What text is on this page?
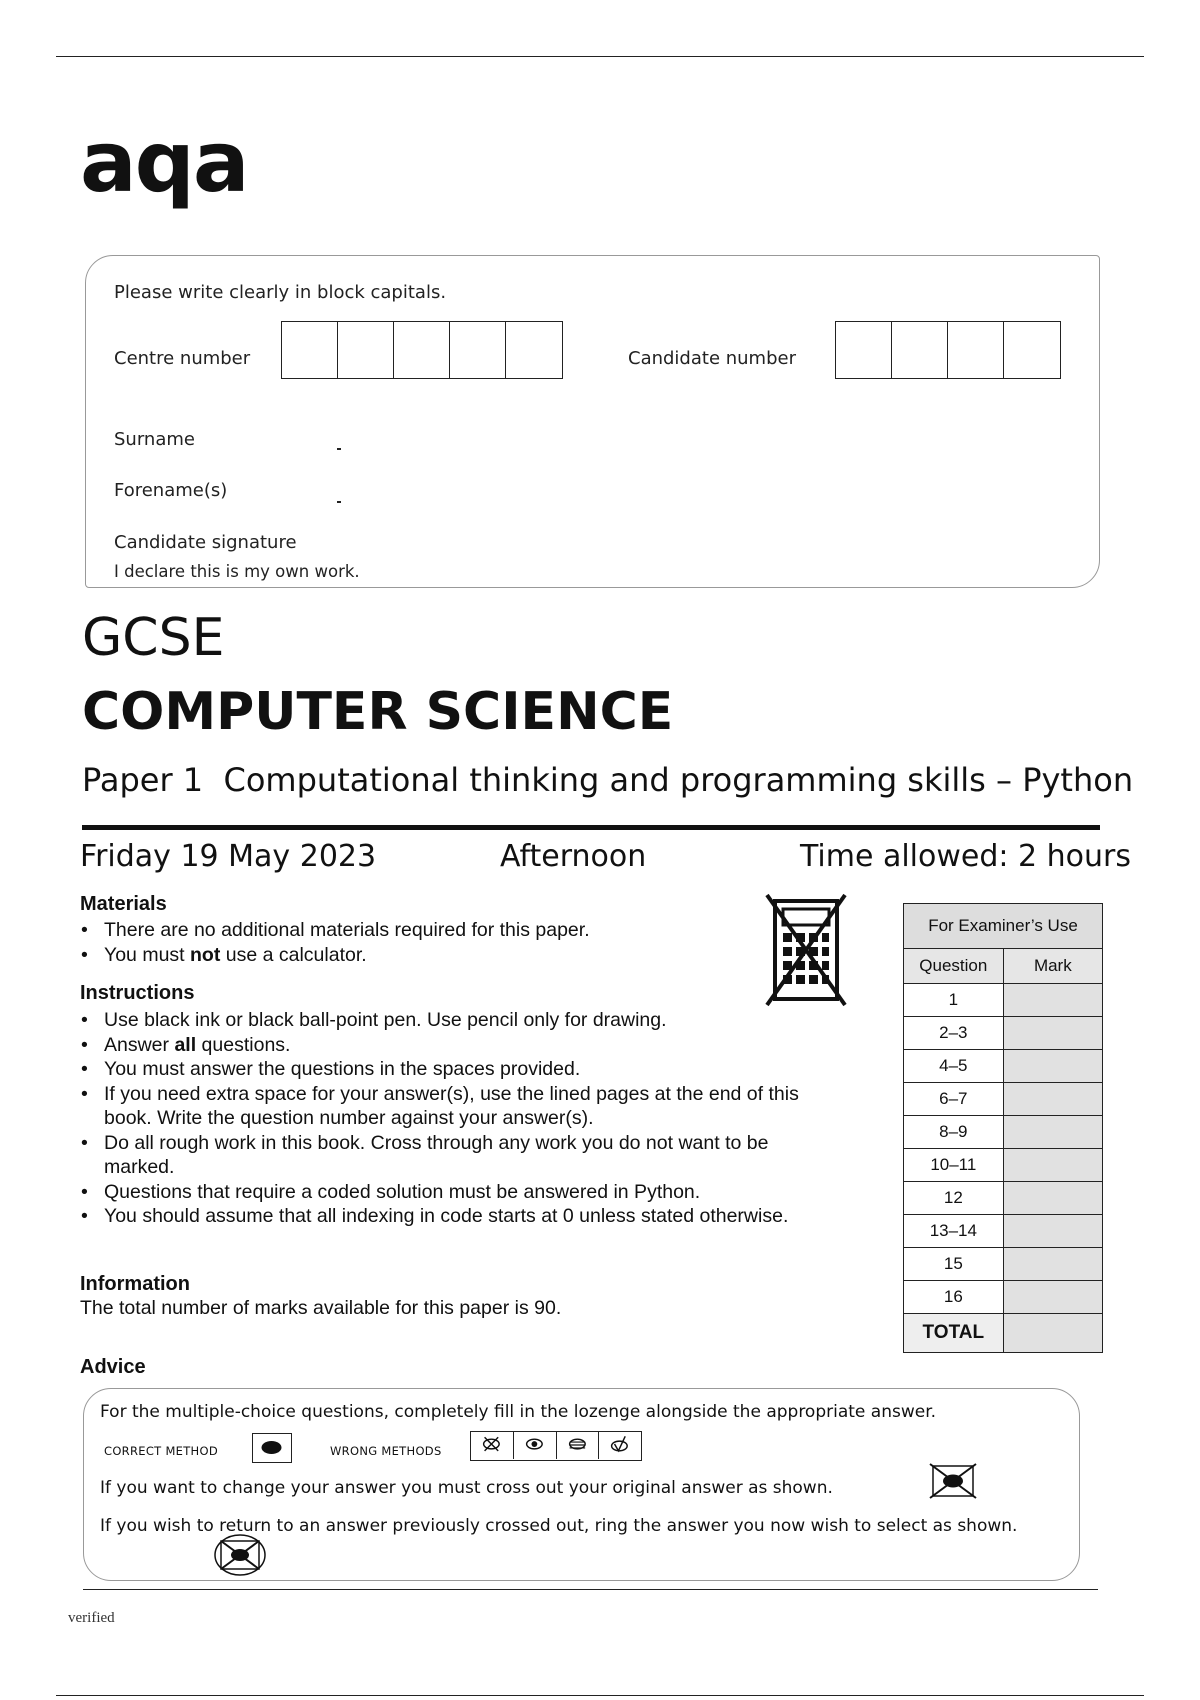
aqa
Please write clearly in block capitals.
Centre number	Candidate number
Surname
Forename(s)
Candidate signature
I declare this is my own work.
GCSE
COMPUTER SCIENCE
Paper 1  Computational thinking and programming skills – Python
Friday 19 May 2023	Afternoon	Time allowed: 2 hours
Materials
• There are no additional materials required for this paper.
• You must not use a calculator.
Instructions
• Use black ink or black ball-point pen. Use pencil only for drawing.
• Answer all questions.
• You must answer the questions in the spaces provided.
• If you need extra space for your answer(s), use the lined pages at the end of this book. Write the question number against your answer(s).
• Do all rough work in this book. Cross through any work you do not want to be marked.
• Questions that require a coded solution must be answered in Python.
• You should assume that all indexing in code starts at 0 unless stated otherwise.
Information
The total number of marks available for this paper is 90.
For Examiner’s Use	
Question	Mark
1	
2–3	
4–5	
6–7	
8–9	
10–11	
12	
13–14	
15	
16	
TOTAL	
Advice
For the multiple-choice questions, completely fill in the lozenge alongside the appropriate answer.
CORRECT METHOD	WRONG METHODS
If you want to change your answer you must cross out your original answer as shown.
If you wish to return to an answer previously crossed out, ring the answer you now wish to select as shown.
verified
